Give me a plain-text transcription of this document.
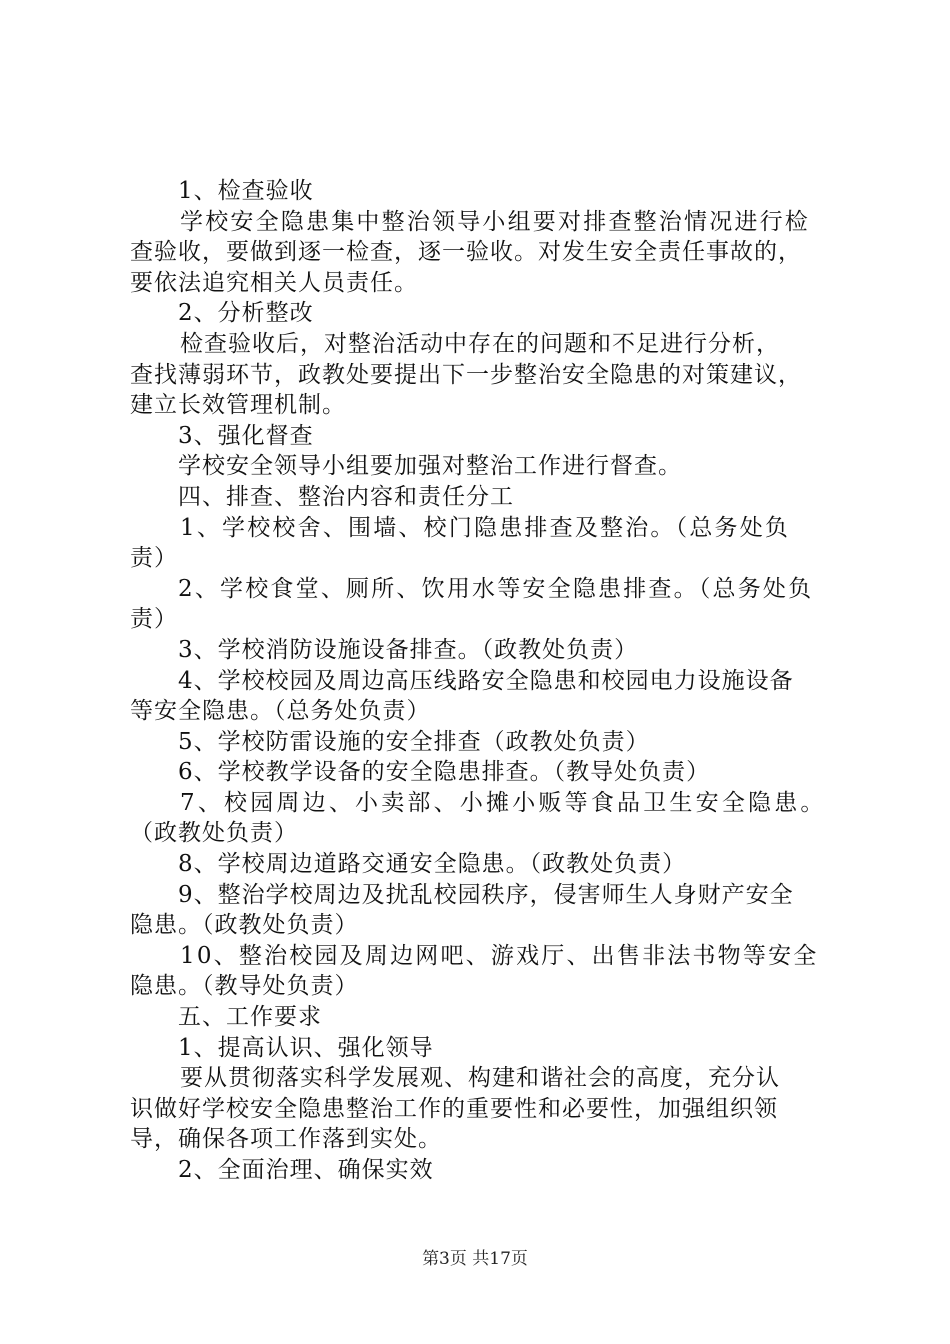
1、检查验收
学校安全隐患集中整治领导小组要对排查整治情况进行检
查验收，要做到逐一检查，逐一验收。对发生安全责任事故的，
要依法追究相关人员责任。
2、分析整改
检查验收后，对整治活动中存在的问题和不足进行分析，
查找薄弱环节，政教处要提出下一步整治安全隐患的对策建议，
建立长效管理机制。
3、强化督查
学校安全领导小组要加强对整治工作进行督查。
四、排查、整治内容和责任分工
1、学校校舍、围墙、校门隐患排查及整治。（总务处负
责）
2、学校食堂、厕所、饮用水等安全隐患排查。（总务处负
责）
3、学校消防设施设备排查。（政教处负责）
4、学校校园及周边高压线路安全隐患和校园电力设施设备
等安全隐患。（总务处负责）
5、学校防雷设施的安全排查（政教处负责）
6、学校教学设备的安全隐患排查。（教导处负责）
7、校园周边、小卖部、小摊小贩等食品卫生安全隐患。
（政教处负责）
8、学校周边道路交通安全隐患。（政教处负责）
9、整治学校周边及扰乱校园秩序，侵害师生人身财产安全
隐患。（政教处负责）
10、整治校园及周边网吧、游戏厅、出售非法书物等安全
隐患。（教导处负责）
五、工作要求
1、提高认识、强化领导
要从贯彻落实科学发展观、构建和谐社会的高度，充分认
识做好学校安全隐患整治工作的重要性和必要性，加强组织领
导，确保各项工作落到实处。
2、全面治理、确保实效
第3页 共17页
